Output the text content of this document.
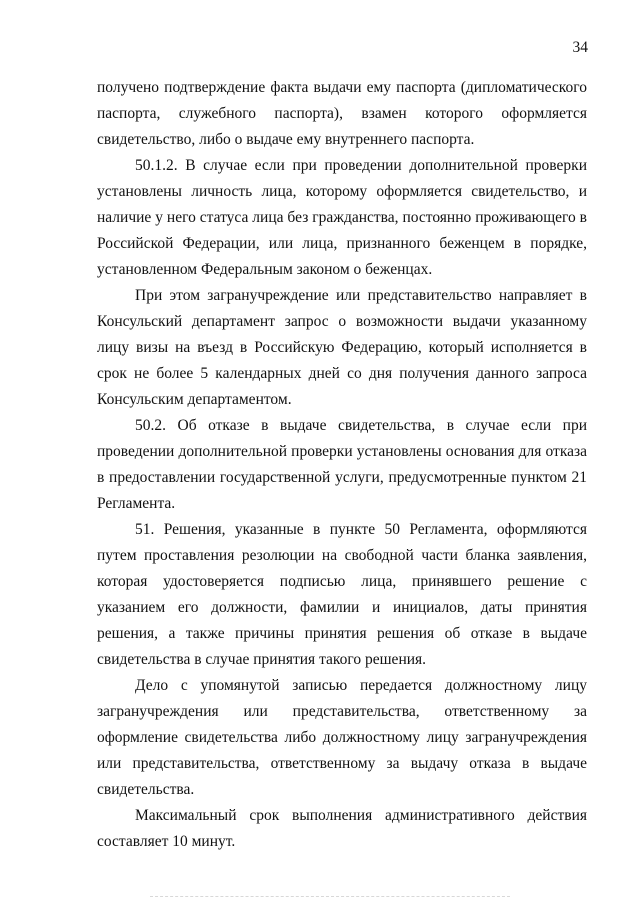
34

получено подтверждение факта выдачи ему паспорта (дипломатического паспорта, служебного паспорта), взамен которого оформляется свидетельство, либо о выдаче ему внутреннего паспорта.

50.1.2. В случае если при проведении дополнительной проверки установлены личность лица, которому оформляется свидетельство, и наличие у него статуса лица без гражданства, постоянно проживающего в Российской Федерации, или лица, признанного беженцем в порядке, установленном Федеральным законом о беженцах.

При этом загранучреждение или представительство направляет в Консульский департамент запрос о возможности выдачи указанному лицу визы на въезд в Российскую Федерацию, который исполняется в срок не более 5 календарных дней со дня получения данного запроса Консульским департаментом.

50.2. Об отказе в выдаче свидетельства, в случае если при проведении дополнительной проверки установлены основания для отказа в предоставлении государственной услуги, предусмотренные пунктом 21 Регламента.

51. Решения, указанные в пункте 50 Регламента, оформляются путем проставления резолюции на свободной части бланка заявления, которая удостоверяется подписью лица, принявшего решение с указанием его должности, фамилии и инициалов, даты принятия решения, а также причины принятия решения об отказе в выдаче свидетельства в случае принятия такого решения.

Дело с упомянутой записью передается должностному лицу загранучреждения или представительства, ответственному за оформление свидетельства либо должностному лицу загранучреждения или представительства, ответственному за выдачу отказа в выдаче свидетельства.

Максимальный срок выполнения административного действия составляет 10 минут.
